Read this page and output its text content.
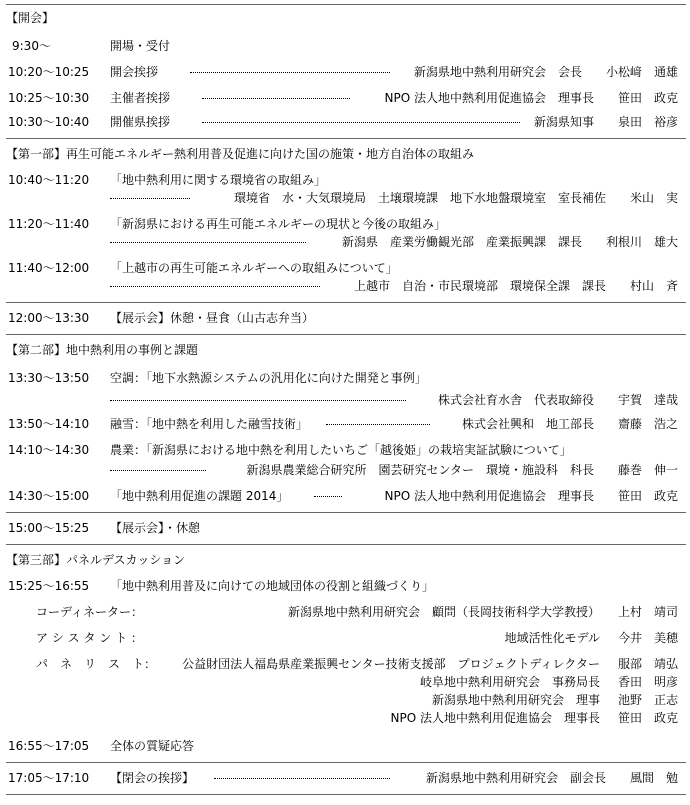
【開会】
9:30〜	開場・受付
10:20〜10:25 開会挨拶	新潟県地中熱利用研究会　会長　　小松﨑　通雄
10:25〜10:30 主催者挨拶	NPO 法人地中熱利用促進協会　理事長　　笹田　政克
10:30〜10:40 開催県挨拶	新潟県知事　　泉田　裕彦
【第一部】再生可能エネルギー熱利用普及促進に向けた国の施策・地方自治体の取組み
10:40〜11:20 「地中熱利用に関する環境省の取組み」
環境省　水・大気環境局　土壌環境課　地下水地盤環境室　室長補佐　　米山　実
11:20〜11:40 「新潟県における再生可能エネルギーの現状と今後の取組み」
新潟県　産業労働観光部　産業振興課　課長　　利根川　雄大
11:40〜12:00 「上越市の再生可能エネルギーへの取組みについて」
上越市　自治・市民環境部　環境保全課　課長　　村山　斉
12:00〜13:30 【展示会】休憩・昼食（山古志弁当）
【第二部】地中熱利用の事例と課題
13:30〜13:50 空調：「地下水熱源システムの汎用化に向けた開発と事例」
株式会社育水舎　代表取締役　　宇賀　達哉
13:50〜14:10 融雪：「地中熱を利用した融雪技術」	株式会社興和　地工部長　　齋藤　浩之
14:10〜14:30 農業：「新潟県における地中熱を利用したいちご「越後姫」の栽培実証試験について」
新潟県農業総合研究所　園芸研究センター　環境・施設科　科長　　藤巻　伸一
14:30〜15:00 「地中熱利用促進の課題 2014」	NPO 法人地中熱利用促進協会　理事長　　笹田　政克
15:00〜15:25 【展示会】・休憩
【第三部】パネルデスカッション
15:25〜16:55 「地中熱利用普及に向けての地域団体の役割と組織づくり」
コーディネーター：	新潟県地中熱利用研究会　顧問（長岡技術科学大学教授） 上村　靖司
ア シ ス タ ン ト ：	地域活性化モデル 今井　美穂
パ　ネ　リ　ス　ト： 公益財団法人福島県産業振興センター技術支援部　プロジェクトディレクター 服部　靖弘
岐阜地中熱利用研究会　事務局長 香田　明彦
新潟県地中熱利用研究会　理事 池野　正志
NPO 法人地中熱利用促進協会　理事長 笹田　政克
16:55〜17:05 全体の質疑応答
17:05〜17:10 【閉会の挨拶】	新潟県地中熱利用研究会　副会長　　風間　勉
